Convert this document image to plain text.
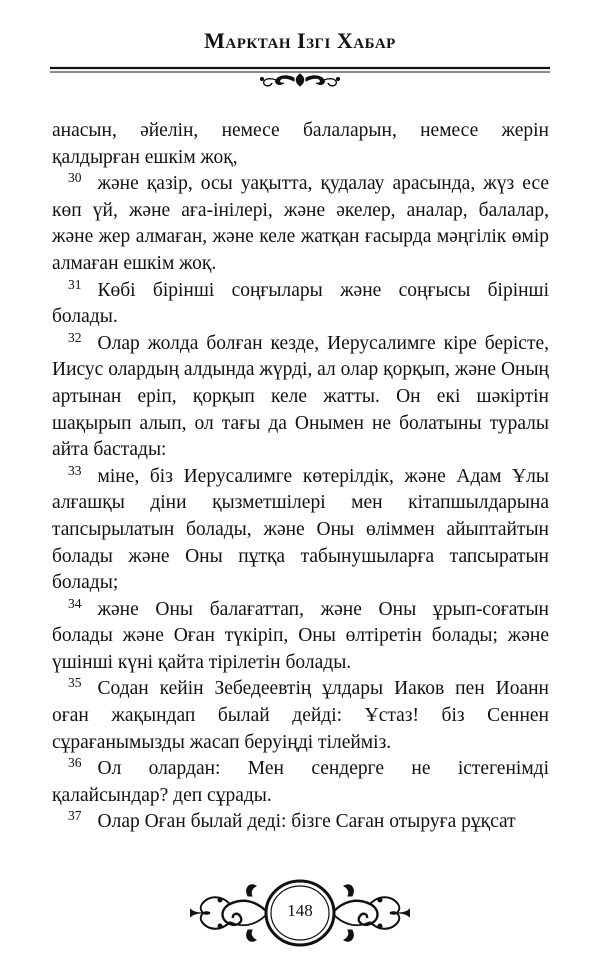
Марктан Ізгі Хабар

анасын, әйелін, немесе балаларын, немесе жерін қалдырған ешкім жоқ,

30 және қазір, осы уақытта, қудалау арасында, жүз есе көп үй, және аға-інілері, және әкелер, аналар, балалар, және жер алмаған, және келе жатқан ғасырда мәңгілік өмір алмаған ешкім жоқ.

31 Көбі бірінші соңғылары және соңғысы бірінші болады.

32 Олар жолда болған кезде, Иерусалимге кіре берісте, Иисус олардың алдында жүрді, ал олар қорқып, және Оның артынан еріп, қорқып келе жатты. Он екі шәкіртін шақырып алып, ол тағы да Онымен не болатыны туралы айта бастады:

33 міне, біз Иерусалимге көтерілдік, және Адам Ұлы алғашқы діни қызметшілері мен кітапшылдарына тапсырылатын болады, және Оны өліммен айыптайтын болады және Оны пұтқа табынушыларға тапсыратын болады;

34 және Оны балағаттап, және Оны ұрып-соғатын болады және Оған түкіріп, Оны өлтіретін болады; және үшінші күні қайта тірілетін болады.

35 Содан кейін Зебедеевтің ұлдары Иаков пен Иоанн оған жақындап былай дейді: Ұстаз! біз Сеннен сұрағанымызды жасап беруіңді тілейміз.

36 Ол олардан: Мен сендерге не істегенімді қалайсындар? деп сұрады.

37 Олар Оған былай деді: бізге Саған отыруға рұқсат

148
